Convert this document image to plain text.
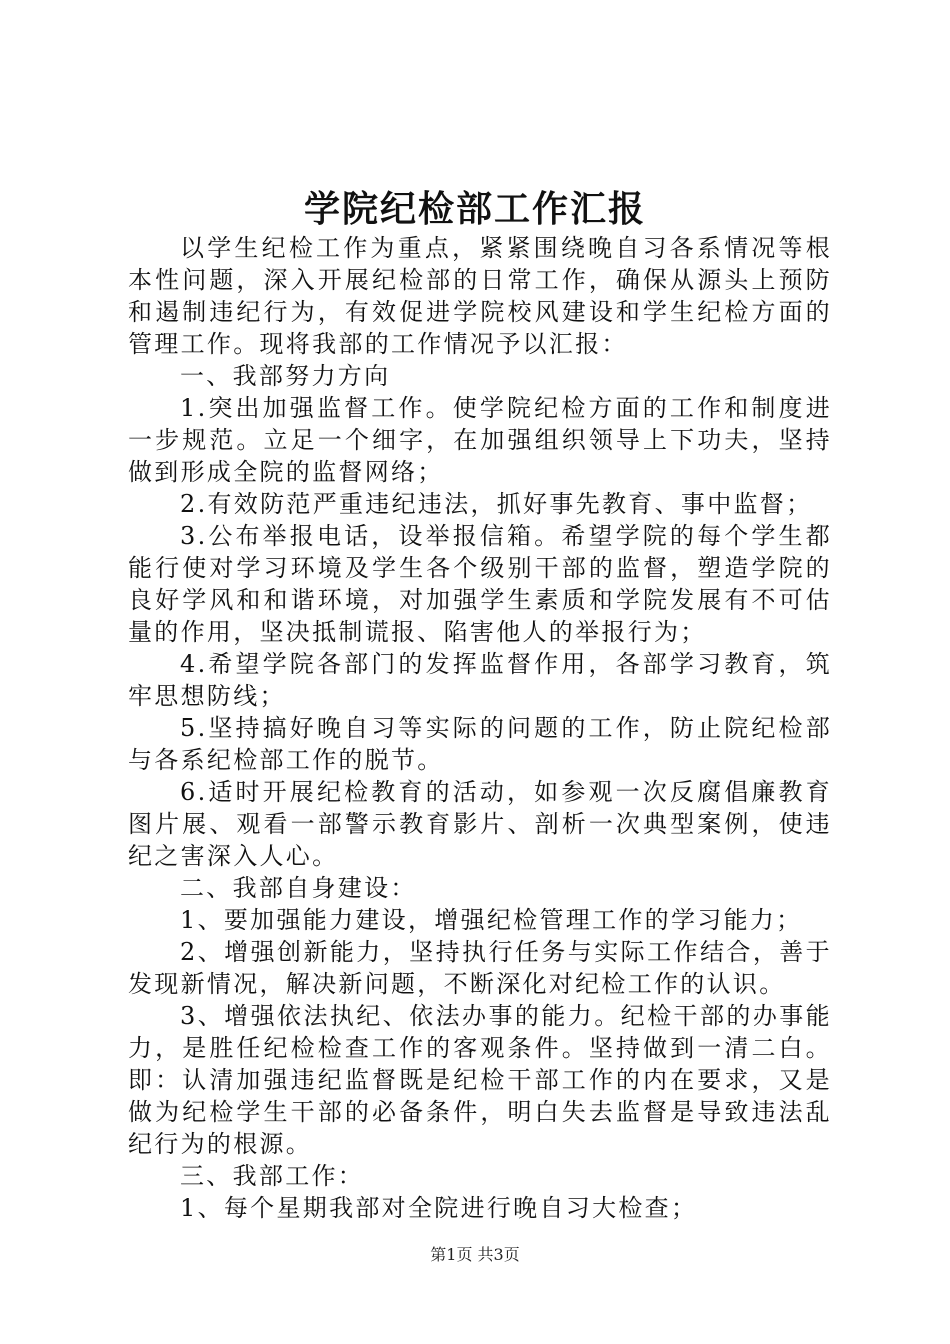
学院纪检部工作汇报

以学生纪检工作为重点，紧紧围绕晚自习各系情况等根本性问题，深入开展纪检部的日常工作，确保从源头上预防和遏制违纪行为，有效促进学院校风建设和学生纪检方面的管理工作。现将我部的工作情况予以汇报：

一、我部努力方向

1.突出加强监督工作。使学院纪检方面的工作和制度进一步规范。立足一个细字，在加强组织领导上下功夫，坚持做到形成全院的监督网络；

2.有效防范严重违纪违法，抓好事先教育、事中监督；

3.公布举报电话，设举报信箱。希望学院的每个学生都能行使对学习环境及学生各个级别干部的监督，塑造学院的良好学风和和谐环境，对加强学生素质和学院发展有不可估量的作用，坚决抵制谎报、陷害他人的举报行为；

4.希望学院各部门的发挥监督作用，各部学习教育，筑牢思想防线；

5.坚持搞好晚自习等实际的问题的工作，防止院纪检部与各系纪检部工作的脱节。

6.适时开展纪检教育的活动，如参观一次反腐倡廉教育图片展、观看一部警示教育影片、剖析一次典型案例，使违纪之害深入人心。

二、我部自身建设：

1、要加强能力建设，增强纪检管理工作的学习能力；

2、增强创新能力，坚持执行任务与实际工作结合，善于发现新情况，解决新问题，不断深化对纪检工作的认识。

3、增强依法执纪、依法办事的能力。纪检干部的办事能力，是胜任纪检检查工作的客观条件。坚持做到一清二白。即：认清加强违纪监督既是纪检干部工作的内在要求，又是做为纪检学生干部的必备条件，明白失去监督是导致违法乱纪行为的根源。

三、我部工作：

1、每个星期我部对全院进行晚自习大检查；

第1页 共3页
